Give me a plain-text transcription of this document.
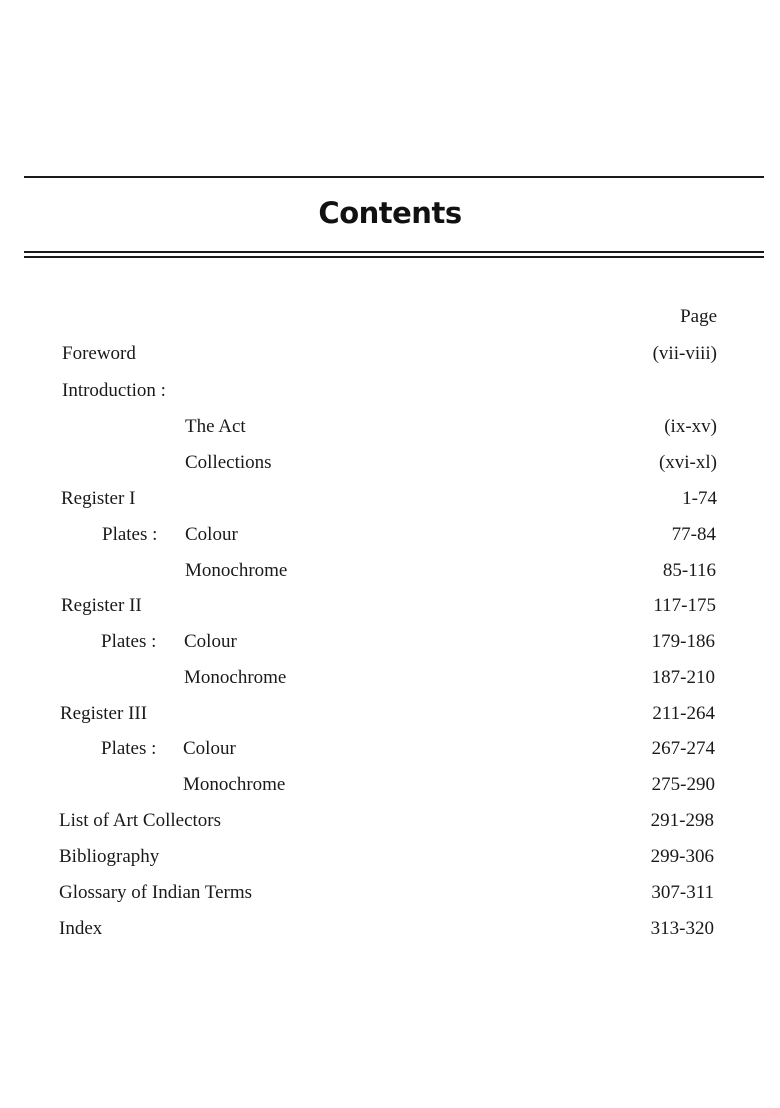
Contents
Page
Foreword	(vii-viii)
Introduction :
The Act	(ix-xv)
Collections	(xvi-xl)
Register I	1-74
Plates : Colour	77-84
Monochrome	85-116
Register II	117-175
Plates : Colour	179-186
Monochrome	187-210
Register III	211-264
Plates : Colour	267-274
Monochrome	275-290
List of Art Collectors	291-298
Bibliography	299-306
Glossary of Indian Terms	307-311
Index	313-320
